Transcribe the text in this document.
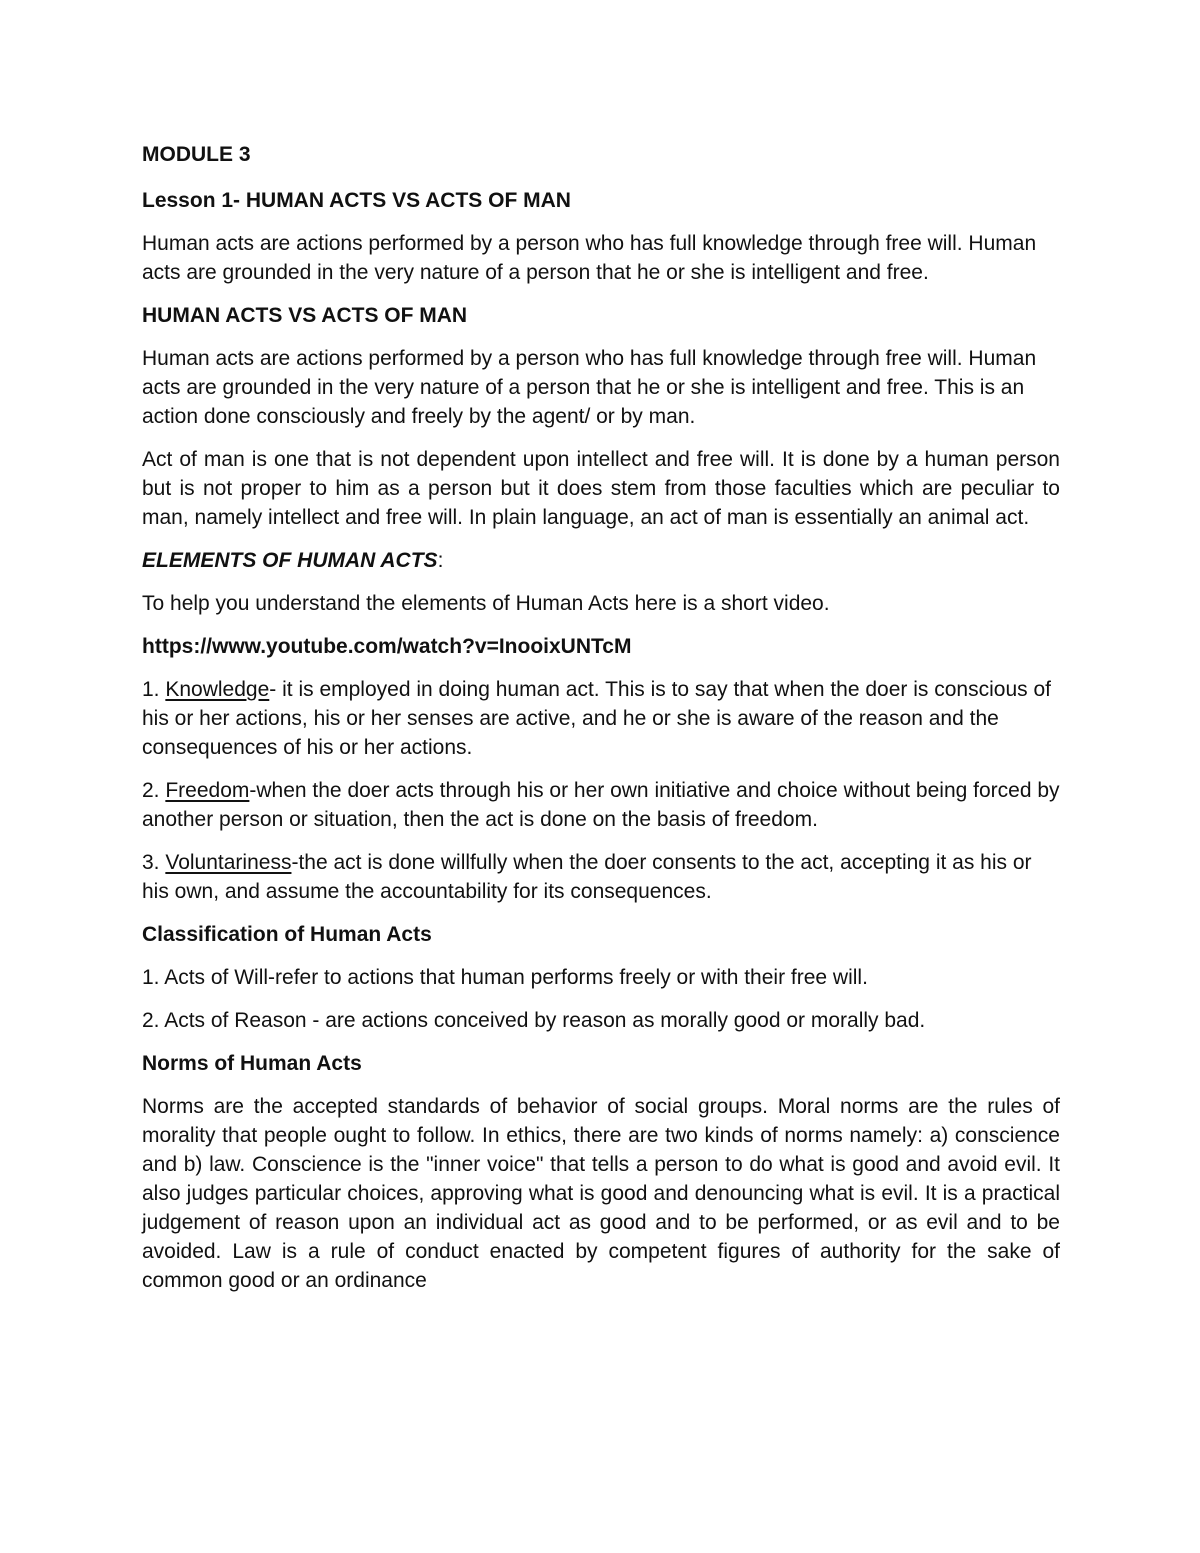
MODULE 3

Lesson 1- HUMAN ACTS VS ACTS OF MAN

Human acts are actions performed by a person who has full knowledge through free will. Human acts are grounded in the very nature of a person that he or she is intelligent and free.

HUMAN ACTS VS ACTS OF MAN

Human acts are actions performed by a person who has full knowledge through free will. Human acts are grounded in the very nature of a person that he or she is intelligent and free. This is an action done consciously and freely by the agent/ or by man.

Act of man is one that is not dependent upon intellect and free will. It is done by a human person but is not proper to him as a person but it does stem from those faculties which are peculiar to man, namely intellect and free will. In plain language, an act of man is essentially an animal act.

ELEMENTS OF HUMAN ACTS:

To help you understand the elements of Human Acts here is a short video.

https://www.youtube.com/watch?v=InooixUNTcM

1. Knowledge- it is employed in doing human act. This is to say that when the doer is conscious of his or her actions, his or her senses are active, and he or she is aware of the reason and the consequences of his or her actions.

2. Freedom-when the doer acts through his or her own initiative and choice without being forced by another person or situation, then the act is done on the basis of freedom.

3. Voluntariness-the act is done willfully when the doer consents to the act, accepting it as his or his own, and assume the accountability for its consequences.

Classification of Human Acts

1. Acts of Will-refer to actions that human performs freely or with their free will.

2. Acts of Reason - are actions conceived by reason as morally good or morally bad.

Norms of Human Acts

Norms are the accepted standards of behavior of social groups. Moral norms are the rules of morality that people ought to follow. In ethics, there are two kinds of norms namely: a) conscience and b) law. Conscience is the "inner voice" that tells a person to do what is good and avoid evil. It also judges particular choices, approving what is good and denouncing what is evil. It is a practical judgement of reason upon an individual act as good and to be performed, or as evil and to be avoided. Law is a rule of conduct enacted by competent figures of authority for the sake of common good or an ordinance
